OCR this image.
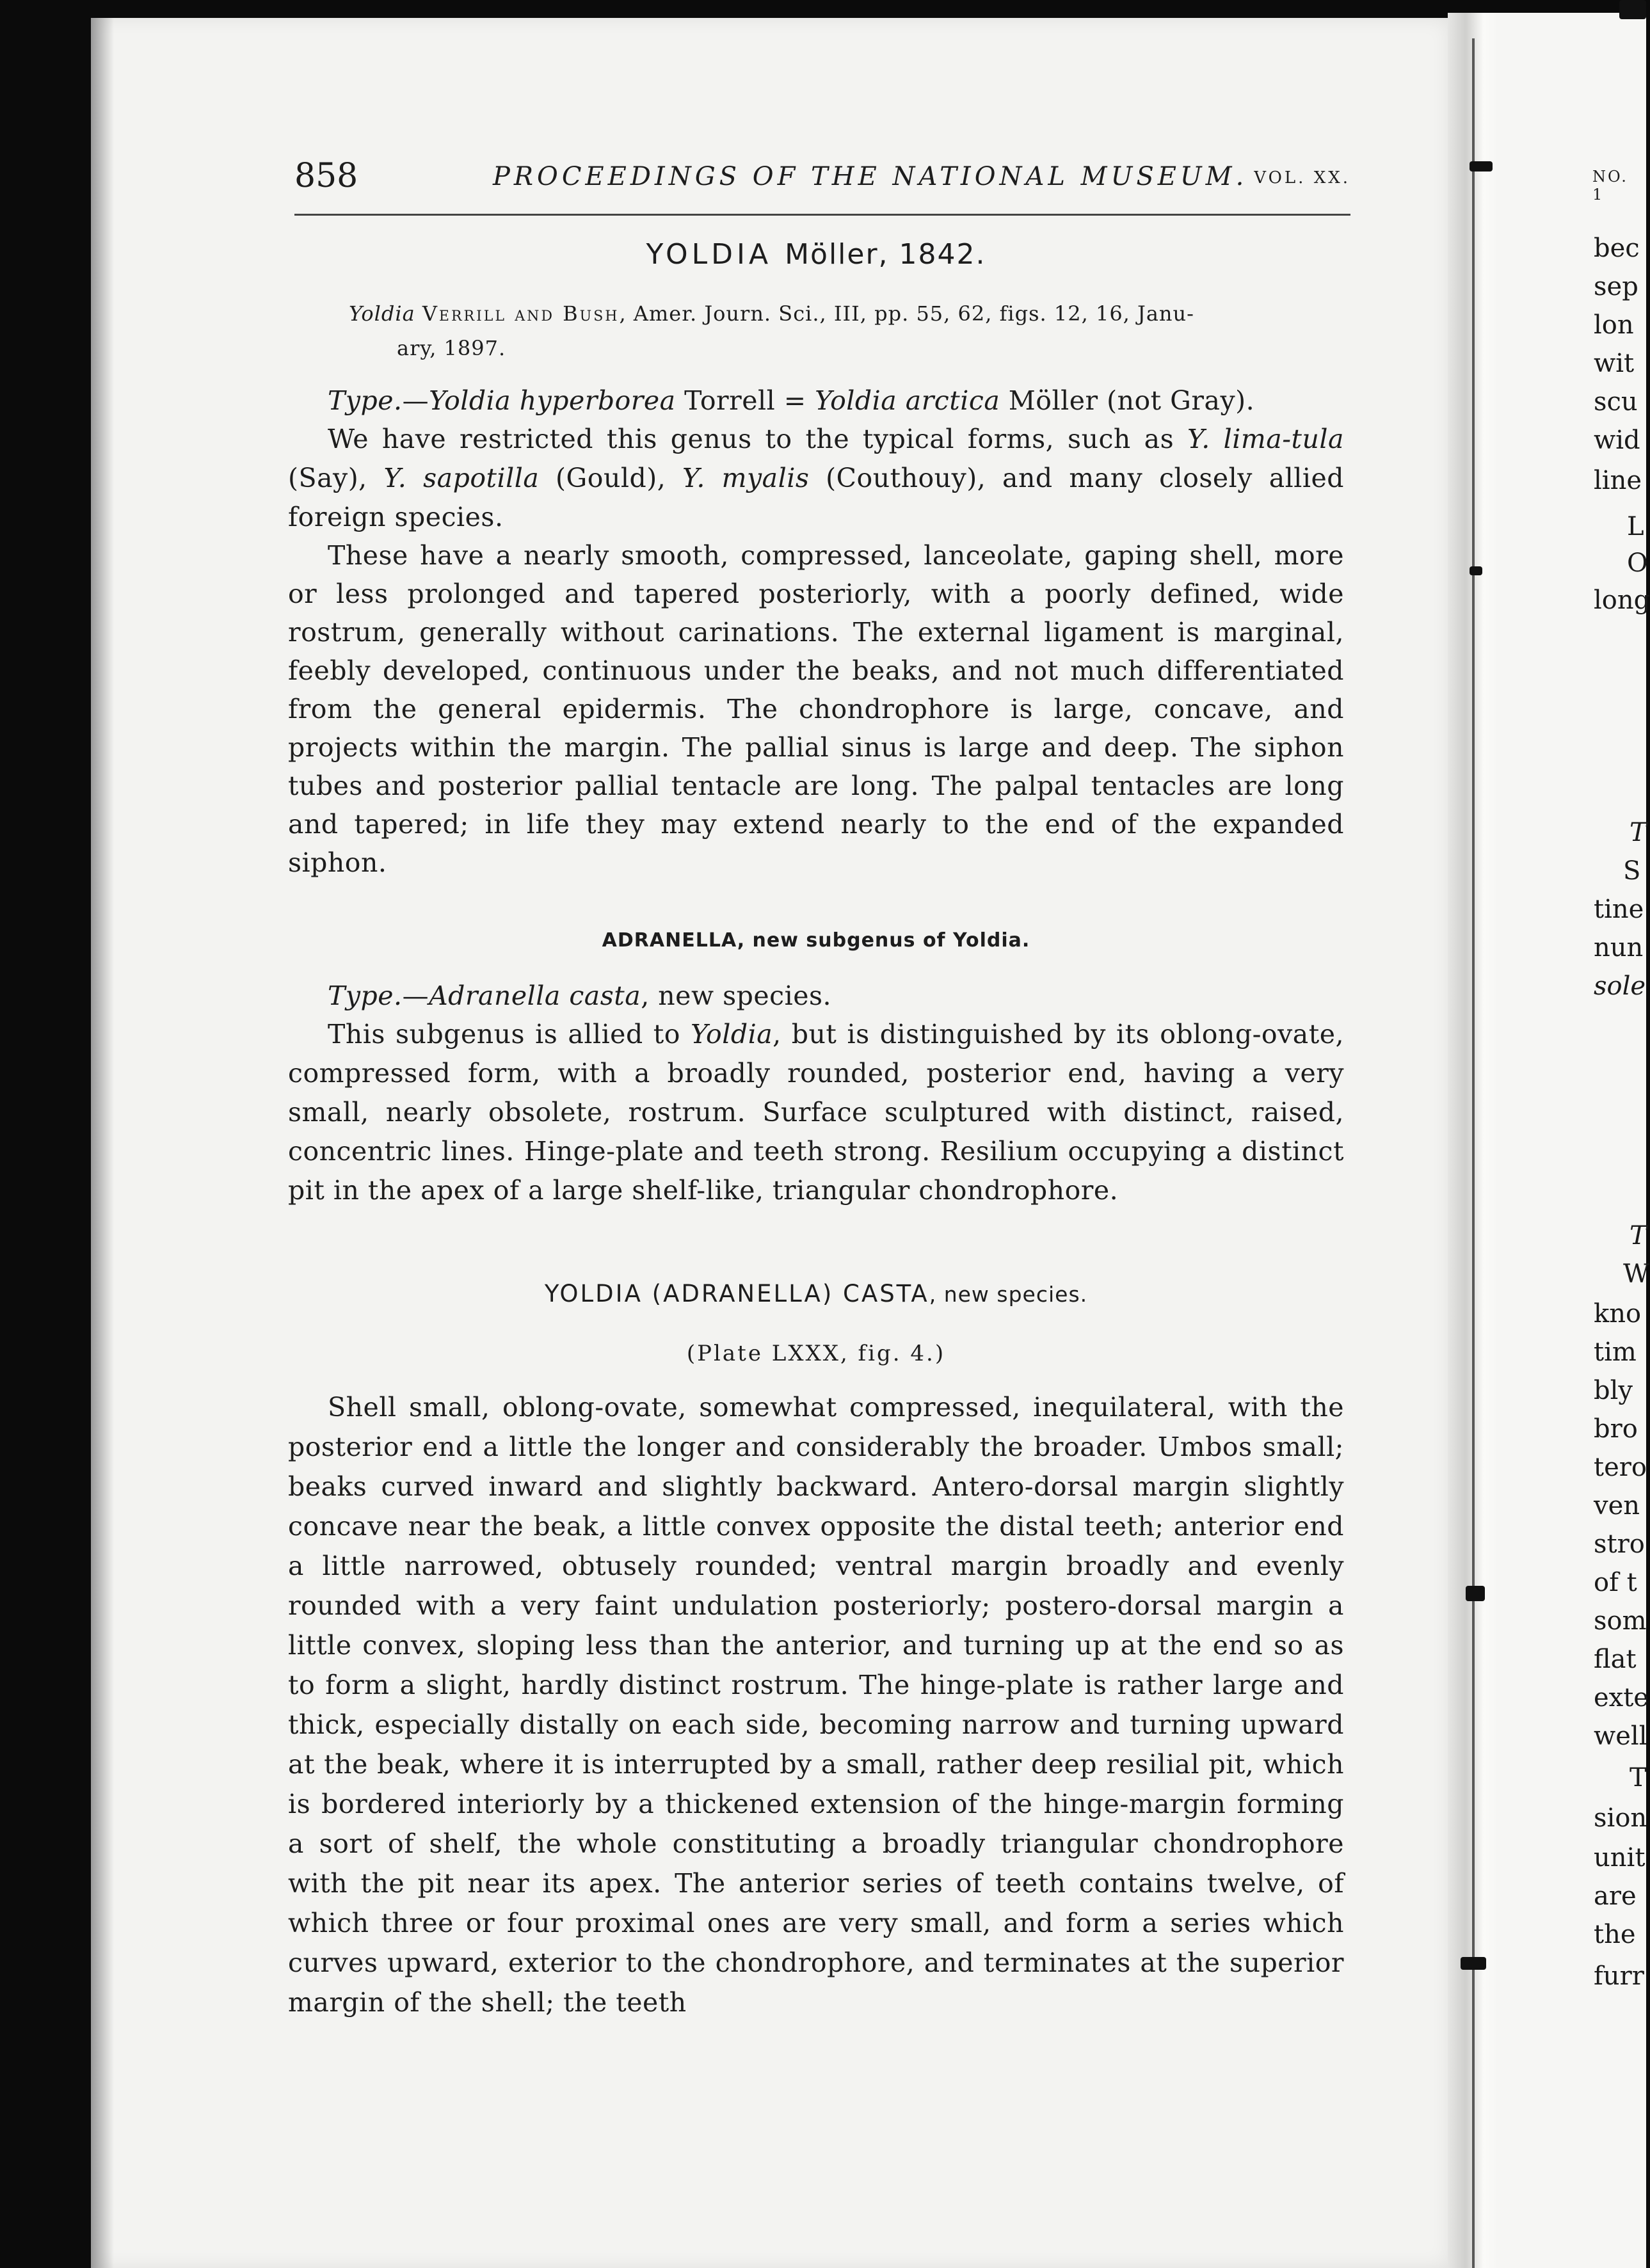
858	PROCEEDINGS OF THE NATIONAL MUSEUM. VOL. XX.
YOLDIA Möller, 1842.
Yoldia Verrill and Bush, Amer. Journ. Sci., III, pp. 55, 62, figs. 12, 16, Janu-
ary, 1897.

Type.—Yoldia hyperborea Torrell = Yoldia arctica Möller (not Gray).

We have restricted this genus to the typical forms, such as Y. lima-tula (Say), Y. sapotilla (Gould), Y. myalis (Couthouy), and many closely allied foreign species.

These have a nearly smooth, compressed, lanceolate, gaping shell, more or less prolonged and tapered posteriorly, with a poorly defined, wide rostrum, generally without carinations. The external ligament is marginal, feebly developed, continuous under the beaks, and not much differentiated from the general epidermis. The chondrophore is large, concave, and projects within the margin. The pallial sinus is large and deep. The siphon tubes and posterior pallial tentacle are long. The palpal tentacles are long and tapered; in life they may extend nearly to the end of the expanded siphon.

ADRANELLA, new subgenus of Yoldia.

Type.—Adranella casta, new species.

This subgenus is allied to Yoldia, but is distinguished by its oblong-ovate, compressed form, with a broadly rounded, posterior end, having a very small, nearly obsolete, rostrum. Surface sculptured with distinct, raised, concentric lines. Hinge-plate and teeth strong. Resilium occupying a distinct pit in the apex of a large shelf-like, triangular chondrophore.

YOLDIA (ADRANELLA) CASTA, new species.
(Plate LXXX, fig. 4.)

Shell small, oblong-ovate, somewhat compressed, inequilateral, with the posterior end a little the longer and considerably the broader. Umbos small; beaks curved inward and slightly backward. Antero-dorsal margin slightly concave near the beak, a little convex opposite the distal teeth; anterior end a little narrowed, obtusely rounded; ventral margin broadly and evenly rounded with a very faint undulation posteriorly; postero-dorsal margin a little convex, sloping less than the anterior, and turning up at the end so as to form a slight, hardly distinct rostrum. The hinge-plate is rather large and thick, especially distally on each side, becoming narrow and turning upward at the beak, where it is interrupted by a small, rather deep resilial pit, which is bordered interiorly by a thickened extension of the hinge-margin forming a sort of shelf, the whole constituting a broadly triangular chondrophore with the pit near its apex. The anterior series of teeth contains twelve, of which three or four proximal ones are very small, and form a series which curves upward, exterior to the chondrophore, and terminates at the superior margin of the shell; the teeth

NO. 1
bec
sep
lon
wit
scu
wid
line
L
O
long
T
S
tine
nun
sole
T
W
kno
tim
bly
bro
tero
ven
stro
of t
som
flat
exte
well
T
sion
unit
are
the
furr
